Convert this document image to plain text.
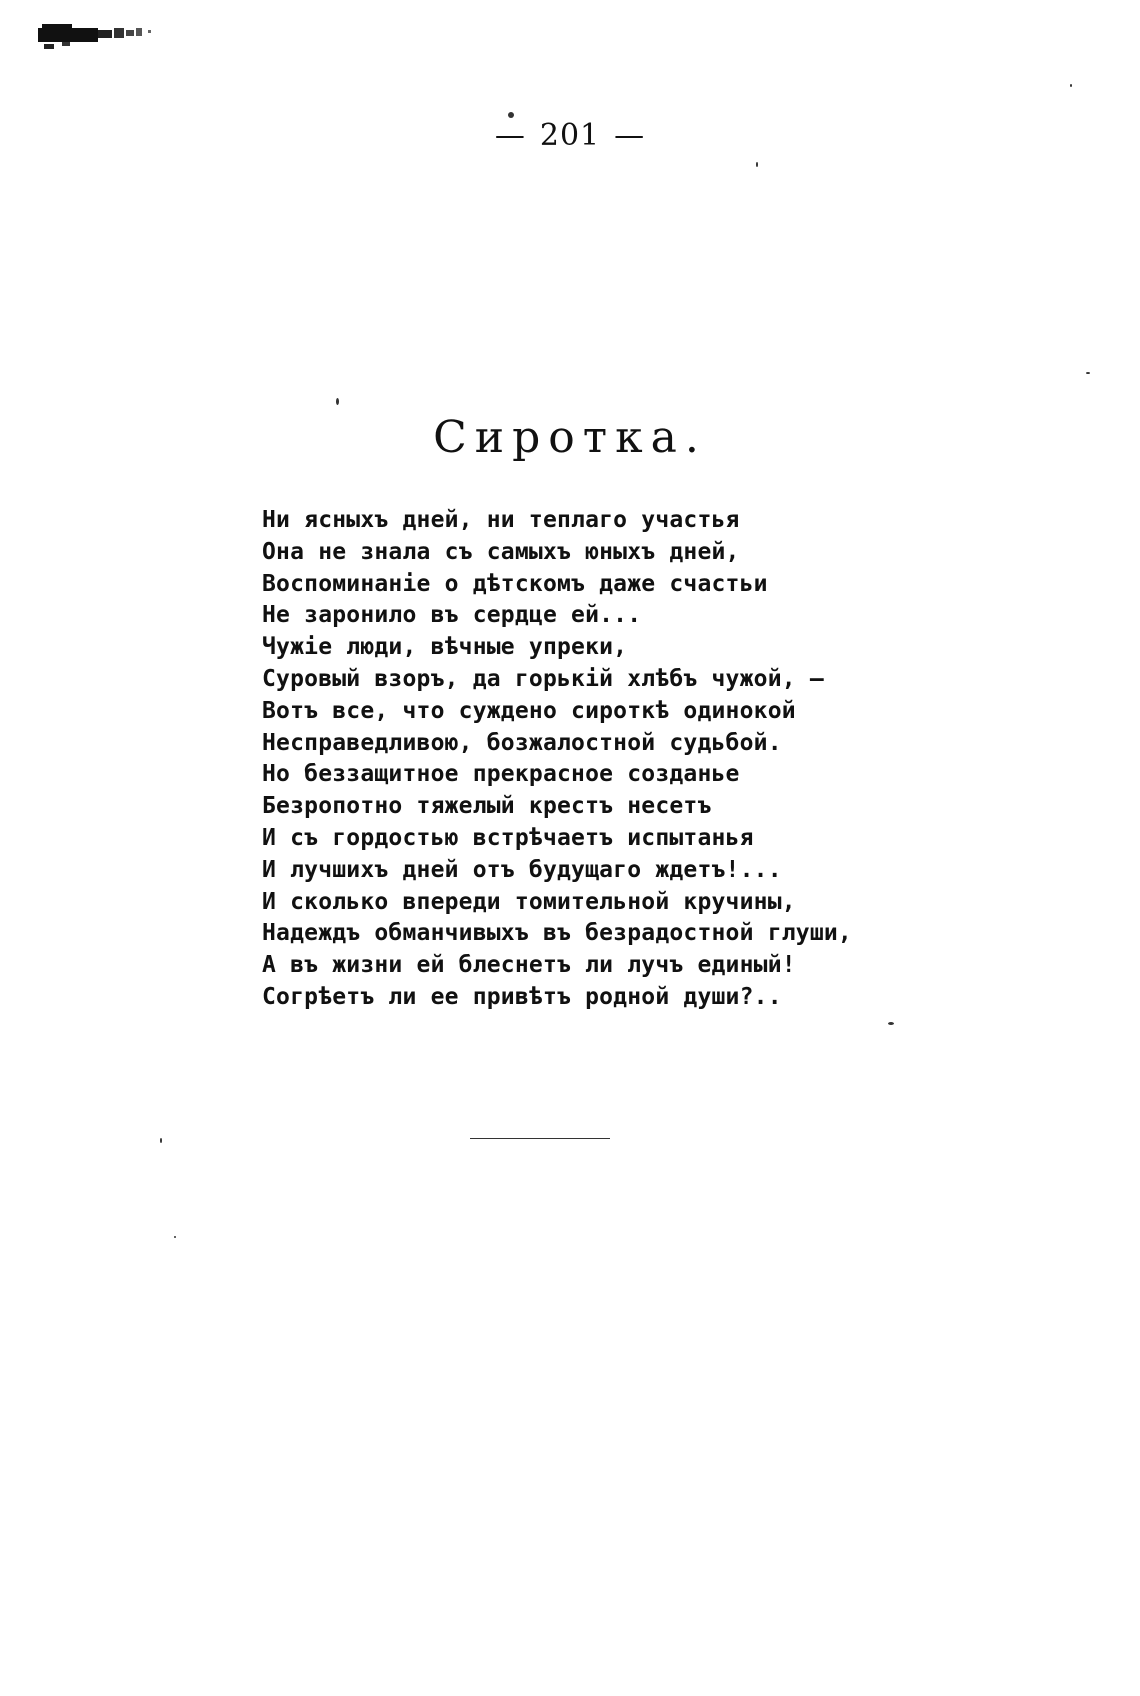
— 201 —
Сиротка.
Ни ясныхъ дней, ни теплаго участья
Она не знала съ самыхъ юныхъ дней,
Воспоминаніе о дѣтскомъ даже счастьи
Не заронило въ сердце ей...
Чужіе люди, вѣчные упреки,
Суровый взоръ, да горькій хлѣбъ чужой, —
Вотъ все, что суждено сироткѣ одинокой
Несправедливою, бозжалостной судьбой.
Но беззащитное прекрасное созданье
Безропотно тяжелый крестъ несетъ
И съ гордостью встрѣчаетъ испытанья
И лучшихъ дней отъ будущаго ждетъ!...
И сколько впереди томительной кручины,
Надеждъ обманчивыхъ въ безрадостной глуши,
А въ жизни ей блеснетъ ли лучъ единый!
Согрѣетъ ли ее привѣтъ родной души?..
